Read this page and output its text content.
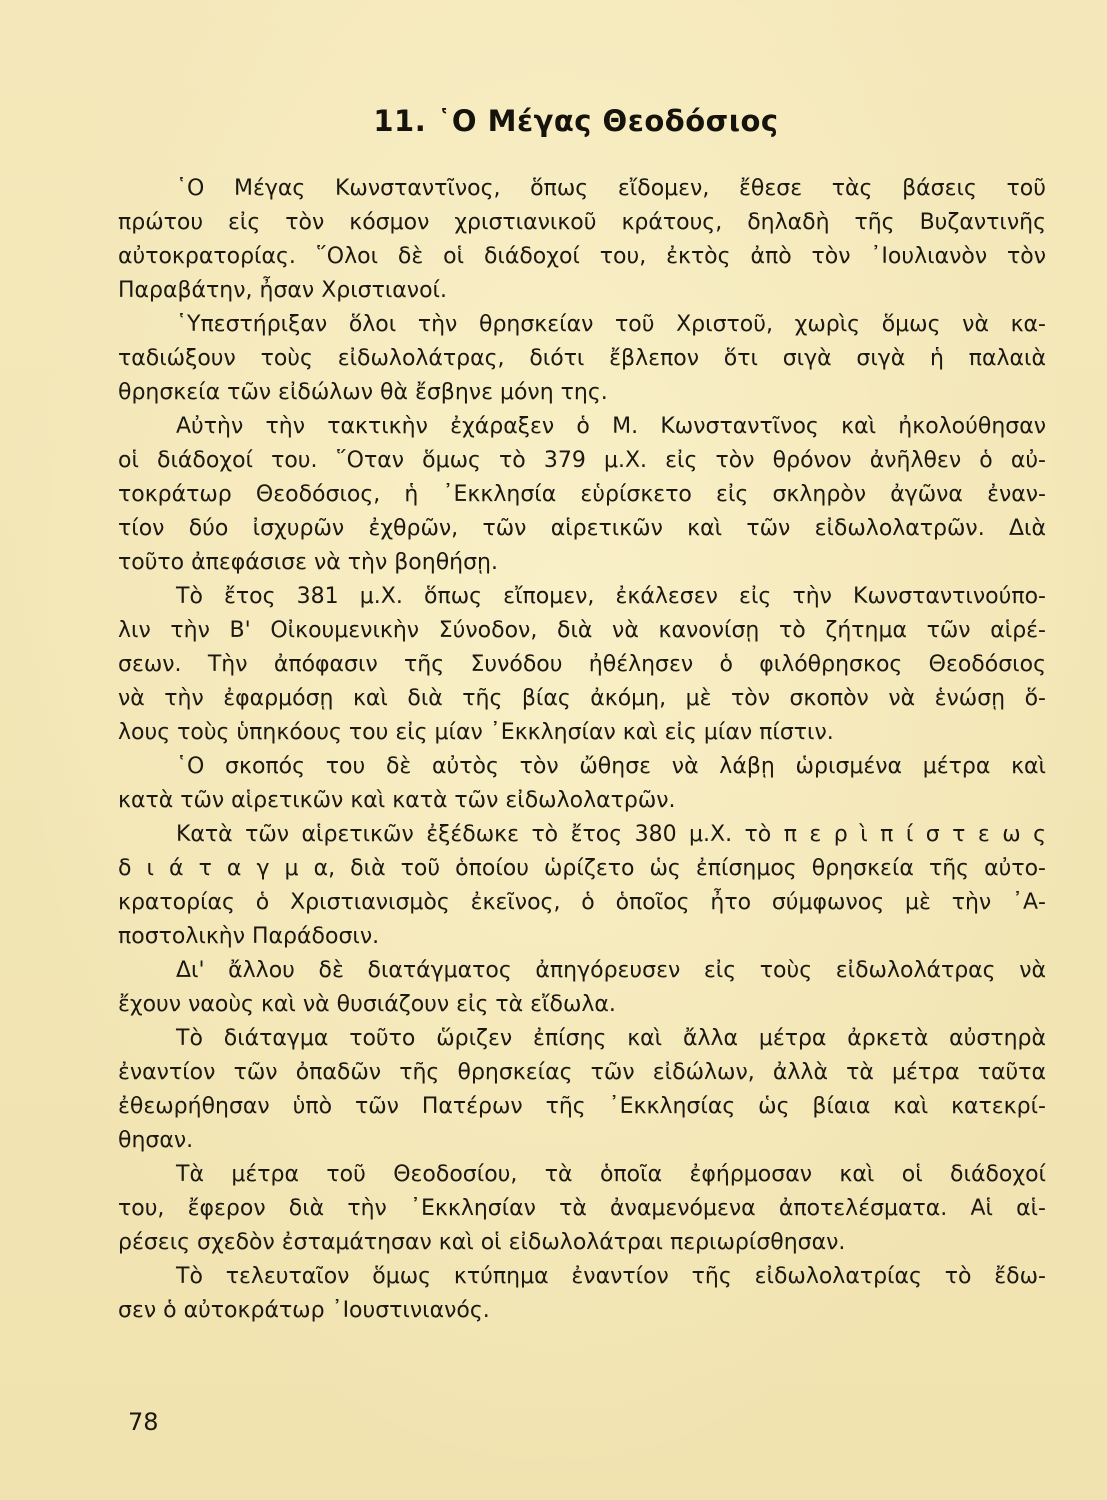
11. ῾Ο Μέγας Θεοδόσιος
῾Ο Μέγας Κωνσταντῖνος, ὅπως εἴδομεν, ἔθεσε τὰς βάσεις τοῦ
πρώτου εἰς τὸν κόσμον χριστιανικοῦ κράτους, δηλαδὴ τῆς Βυζαντινῆς
αὐτοκρατορίας. ῞Ολοι δὲ οἱ διάδοχοί του, ἐκτὸς ἀπὸ τὸν ᾿Ιουλιανὸν τὸν
Παραβάτην, ἦσαν Χριστιανοί.
῾Υπεστήριξαν ὅλοι τὴν θρησκείαν τοῦ Χριστοῦ, χωρὶς ὅμως νὰ κα-
ταδιώξουν τοὺς εἰδωλολάτρας, διότι ἔβλεπον ὅτι σιγὰ σιγὰ ἡ παλαιὰ
θρησκεία τῶν εἰδώλων θὰ ἔσβηνε μόνη της.
Αὐτὴν τὴν τακτικὴν ἐχάραξεν ὁ Μ. Κωνσταντῖνος καὶ ἠκολούθησαν
οἱ διάδοχοί του. ῞Οταν ὅμως τὸ 379 μ.Χ. εἰς τὸν θρόνον ἀνῆλθεν ὁ αὐ-
τοκράτωρ Θεοδόσιος, ἡ ᾿Εκκλησία εὑρίσκετο εἰς σκληρὸν ἀγῶνα ἐναν-
τίον δύο ἰσχυρῶν ἐχθρῶν, τῶν αἱρετικῶν καὶ τῶν εἰδωλολατρῶν. Διὰ
τοῦτο ἀπεφάσισε νὰ τὴν βοηθήσῃ.
Τὸ ἔτος 381 μ.Χ. ὅπως εἴπομεν, ἐκάλεσεν εἰς τὴν Κωνσταντινούπο-
λιν τὴν Β' Οἰκουμενικὴν Σύνοδον, διὰ νὰ κανονίσῃ τὸ ζήτημα τῶν αἱρέ-
σεων. Τὴν ἀπόφασιν τῆς Συνόδου ἠθέλησεν ὁ φιλόθρησκος Θεοδόσιος
νὰ τὴν ἐφαρμόσῃ καὶ διὰ τῆς βίας ἀκόμη, μὲ τὸν σκοπὸν νὰ ἑνώσῃ ὅ-
λους τοὺς ὑπηκόους του εἰς μίαν ᾿Εκκλησίαν καὶ εἰς μίαν πίστιν.
῾Ο σκοπός του δὲ αὐτὸς τὸν ὤθησε νὰ λάβῃ ὡρισμένα μέτρα καὶ
κατὰ τῶν αἱρετικῶν καὶ κατὰ τῶν εἰδωλολατρῶν.
Κατὰ τῶν αἱρετικῶν ἐξέδωκε τὸ ἔτος 380 μ.Χ. τὸ π ε ρ ὶ π ί σ τ ε ω ς
δ ι ά τ α γ μ α, διὰ τοῦ ὁποίου ὡρίζετο ὡς ἐπίσημος θρησκεία τῆς αὐτο-
κρατορίας ὁ Χριστιανισμὸς ἐκεῖνος, ὁ ὁποῖος ἦτο σύμφωνος μὲ τὴν ᾿Α-
ποστολικὴν Παράδοσιν.
Δι' ἄλλου δὲ διατάγματος ἀπηγόρευσεν εἰς τοὺς εἰδωλολάτρας νὰ
ἔχουν ναοὺς καὶ νὰ θυσιάζουν εἰς τὰ εἴδωλα.
Τὸ διάταγμα τοῦτο ὥριζεν ἐπίσης καὶ ἄλλα μέτρα ἀρκετὰ αὐστηρὰ
ἐναντίον τῶν ὀπαδῶν τῆς θρησκείας τῶν εἰδώλων, ἀλλὰ τὰ μέτρα ταῦτα
ἐθεωρήθησαν ὑπὸ τῶν Πατέρων τῆς ᾿Εκκλησίας ὡς βίαια καὶ κατεκρί-
θησαν.
Τὰ μέτρα τοῦ Θεοδοσίου, τὰ ὁποῖα ἐφήρμοσαν καὶ οἱ διάδοχοί
του, ἔφερον διὰ τὴν ᾿Εκκλησίαν τὰ ἀναμενόμενα ἀποτελέσματα. Αἱ αἱ-
ρέσεις σχεδὸν ἐσταμάτησαν καὶ οἱ εἰδωλολάτραι περιωρίσθησαν.
Τὸ τελευταῖον ὅμως κτύπημα ἐναντίον τῆς εἰδωλολατρίας τὸ ἔδω-
σεν ὁ αὐτοκράτωρ ᾿Ιουστινιανός.
78
